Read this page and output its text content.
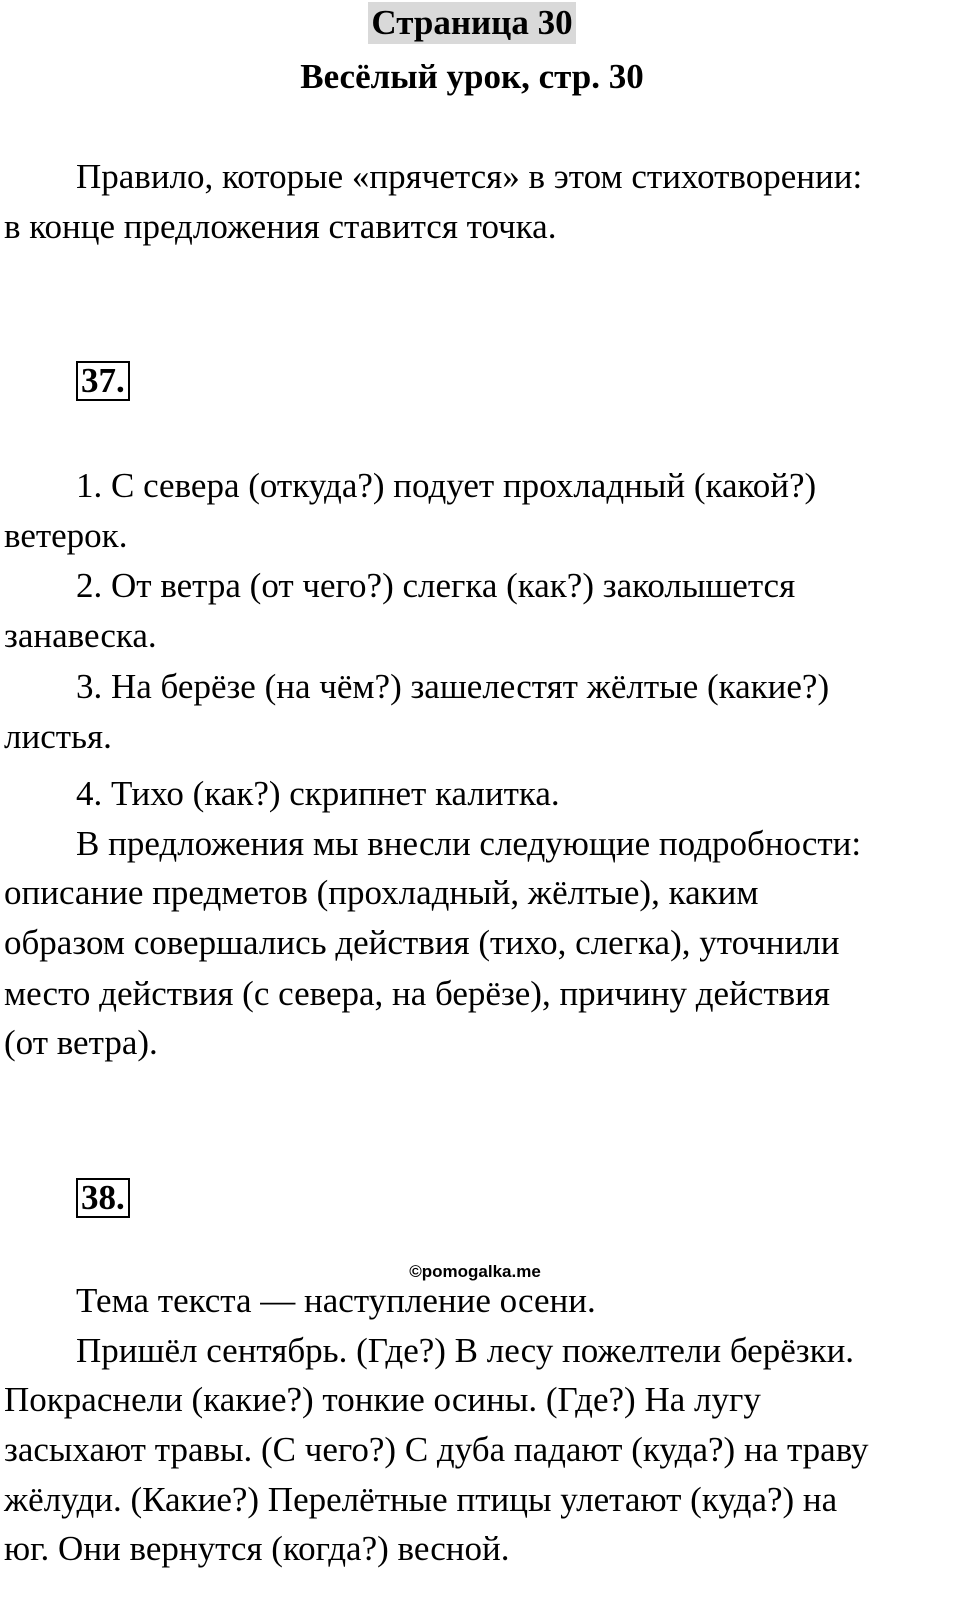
Страница 30
Весёлый урок, стр. 30

Правило, которые «прячется» в этом стихотворении:

в конце предложения ставится точка.

37.

1. С севера (откуда?) подует прохладный (какой?)

ветерок.

2. От ветра (от чего?) слегка (как?) заколышется

занавеска.

3. На берёзе (на чём?) зашелестят жёлтые (какие?)

листья.

4. Тихо (как?) скрипнет калитка.

В предложения мы внесли следующие подробности:

описание предметов (прохладный, жёлтые), каким

образом совершались действия (тихо, слегка), уточнили

место действия (с севера, на берёзе), причину действия

(от ветра).

38.
©pomogalka.me

Тема текста — наступление осени.

Пришёл сентябрь. (Где?) В лесу пожелтели берёзки.

Покраснели (какие?) тонкие осины. (Где?) На лугу

засыхают травы. (С чего?) С дуба падают (куда?) на траву

жёлуди. (Какие?) Перелётные птицы улетают (куда?) на

юг. Они вернутся (когда?) весной.
